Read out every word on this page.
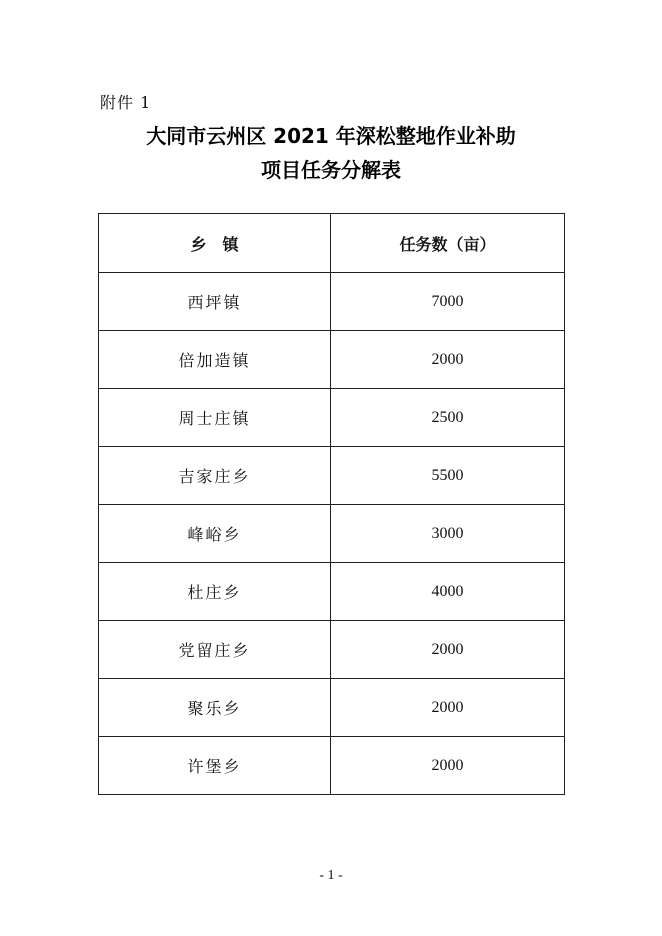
附件 1
大同市云州区 2021 年深松整地作业补助
项目任务分解表
乡　镇	任务数（亩）
西坪镇	7000
倍加造镇	2000
周士庄镇	2500
吉家庄乡	5500
峰峪乡	3000
杜庄乡	4000
党留庄乡	2000
聚乐乡	2000
许堡乡	2000
- 1 -
